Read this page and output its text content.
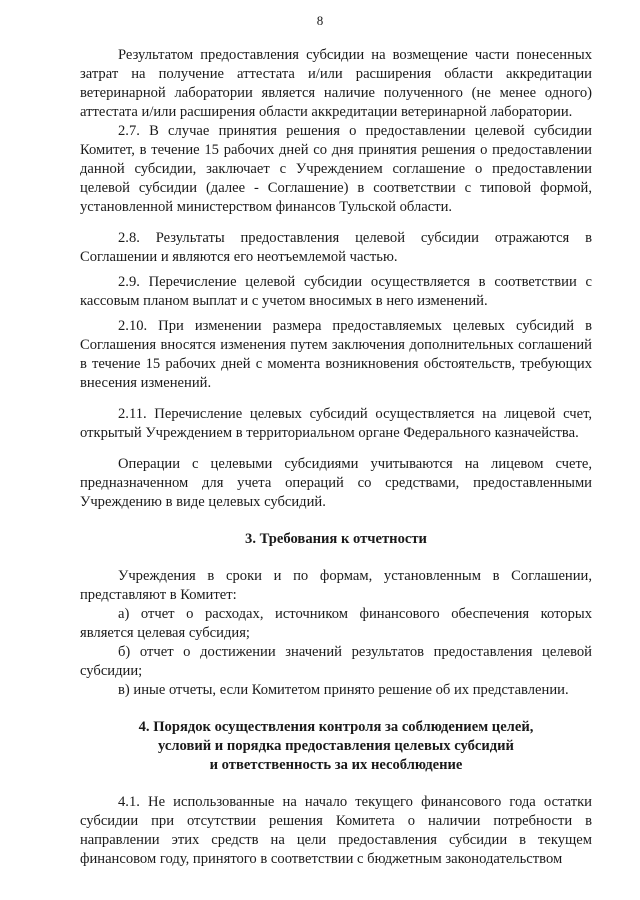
8

Результатом предоставления субсидии на возмещение части понесенных затрат на получение аттестата и/или расширения области аккредитации ветеринарной лаборатории является наличие полученного (не менее одного) аттестата и/или расширения области аккредитации ветеринарной лаборатории.

2.7. В случае принятия решения о предоставлении целевой субсидии Комитет, в течение 15 рабочих дней со дня принятия решения о предоставлении данной субсидии, заключает с Учреждением соглашение о предоставлении целевой субсидии (далее - Соглашение) в соответствии с типовой формой, установленной министерством финансов Тульской области.

2.8. Результаты предоставления целевой субсидии отражаются в Соглашении и являются его неотъемлемой частью.

2.9. Перечисление целевой субсидии осуществляется в соответствии с кассовым планом выплат и с учетом вносимых в него изменений.

2.10. При изменении размера предоставляемых целевых субсидий в Соглашения вносятся изменения путем заключения дополнительных соглашений в течение 15 рабочих дней с момента возникновения обстоятельств, требующих внесения изменений.

2.11. Перечисление целевых субсидий осуществляется на лицевой счет, открытый Учреждением в территориальном органе Федерального казначейства.

Операции с целевыми субсидиями учитываются на лицевом счете, предназначенном для учета операций со средствами, предоставленными Учреждению в виде целевых субсидий.

3. Требования к отчетности

Учреждения в сроки и по формам, установленным в Соглашении, представляют в Комитет:

а) отчет о расходах, источником финансового обеспечения которых является целевая субсидия;

б) отчет о достижении значений результатов предоставления целевой субсидии;

в) иные отчеты, если Комитетом принято решение об их представлении.

4. Порядок осуществления контроля за соблюдением целей,
условий и порядка предоставления целевых субсидий
и ответственность за их несоблюдение

4.1. Не использованные на начало текущего финансового года остатки субсидии при отсутствии решения Комитета о наличии потребности в направлении этих средств на цели предоставления субсидии в текущем финансовом году, принятого в соответствии с бюджетным законодательством
